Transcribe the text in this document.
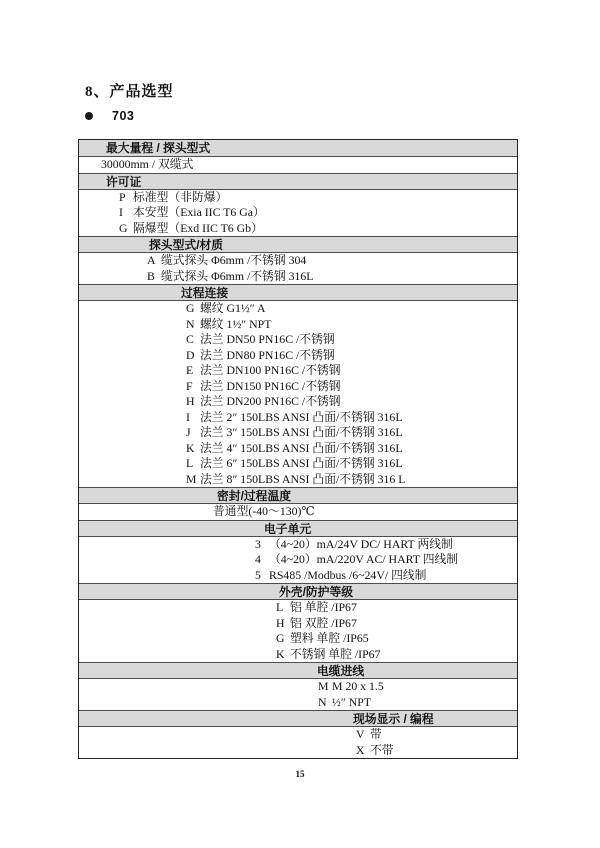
8、产品选型
703
最大量程 / 探头型式
30000mm / 双缆式
许可证
P 标准型（非防爆）
I 本安型（Exia IIC T6 Ga）
G 隔爆型（Exd IIC T6 Gb）
探头型式/材质
A 缆式探头 Φ6mm /不锈钢 304
B 缆式探头 Φ6mm /不锈钢 316L
过程连接
G 螺纹 G1½″ A
N 螺纹 1½″ NPT
C 法兰 DN50 PN16C /不锈钢
D 法兰 DN80 PN16C /不锈钢
E 法兰 DN100 PN16C /不锈钢
F 法兰 DN150 PN16C /不锈钢
H 法兰 DN200 PN16C /不锈钢
I 法兰 2″ 150LBS ANSI 凸面/不锈钢 316L
J 法兰 3″ 150LBS ANSI 凸面/不锈钢 316L
K 法兰 4″ 150LBS ANSI 凸面/不锈钢 316L
L 法兰 6″ 150LBS ANSI 凸面/不锈钢 316L
M 法兰 8″ 150LBS ANSI 凸面/不锈钢 316 L
密封/过程温度
普通型(-40～130)℃
电子单元
3 （4~20）mA/24V DC/ HART 两线制
4 （4~20）mA/220V AC/ HART 四线制
5 RS485 /Modbus /6~24V/ 四线制
外壳/防护等级
L 铝 单腔 /IP67
H 铝 双腔 /IP67
G 塑料 单腔 /IP65
K 不锈钢 单腔 /IP67
电缆进线
M M 20 x 1.5
N ½″ NPT
现场显示 / 编程
V 带
X 不带
15
